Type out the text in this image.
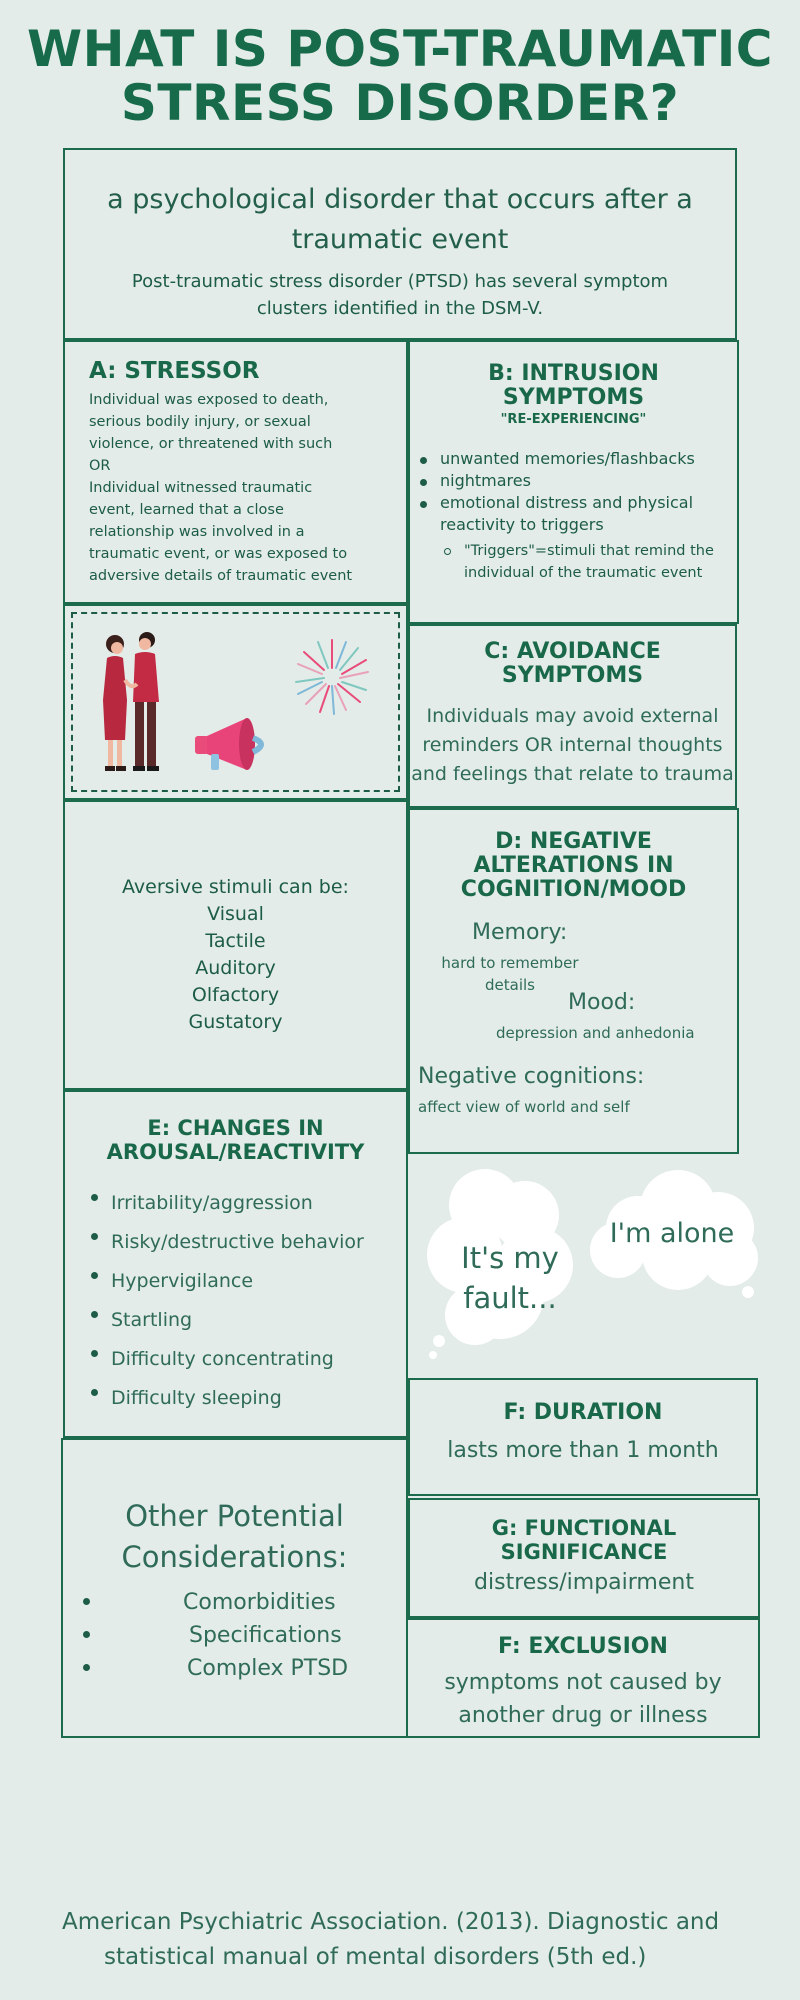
WHAT IS POST-TRAUMATIC
STRESS DISORDER?
a psychological disorder that occurs after a
traumatic event
Post-traumatic stress disorder (PTSD) has several symptom
clusters identified in the DSM-V.
A: STRESSOR
Individual was exposed to death,
serious bodily injury, or sexual
violence, or threatened with such
OR
Individual witnessed traumatic
event, learned that a close
relationship was involved in a
traumatic event, or was exposed to
adversive details of traumatic event
B: INTRUSION
SYMPTOMS
"RE-EXPERIENCING"
unwanted memories/flashbacks
nightmares
emotional distress and physical
reactivity to triggers
"Triggers"=stimuli that remind the
individual of the traumatic event
C: AVOIDANCE
SYMPTOMS
Individuals may avoid external
reminders OR internal thoughts
and feelings that relate to trauma
Aversive stimuli can be:
Visual
Tactile
Auditory
Olfactory
Gustatory
D: NEGATIVE
ALTERATIONS IN
COGNITION/MOOD
Memory:
hard to remember
details
Mood:
depression and anhedonia
Negative cognitions:
affect view of world and self
E: CHANGES IN
AROUSAL/REACTIVITY
Irritability/aggression
Risky/destructive behavior
Hypervigilance
Startling
Difficulty concentrating
Difficulty sleeping
It's my
fault...
I'm alone
F: DURATION
lasts more than 1 month
Other Potential
Considerations:
Comorbidities
Specifications
Complex PTSD
G: FUNCTIONAL
SIGNIFICANCE
distress/impairment
F: EXCLUSION
symptoms not caused by
another drug or illness
American Psychiatric Association. (2013). Diagnostic and
statistical manual of mental disorders (5th ed.)
